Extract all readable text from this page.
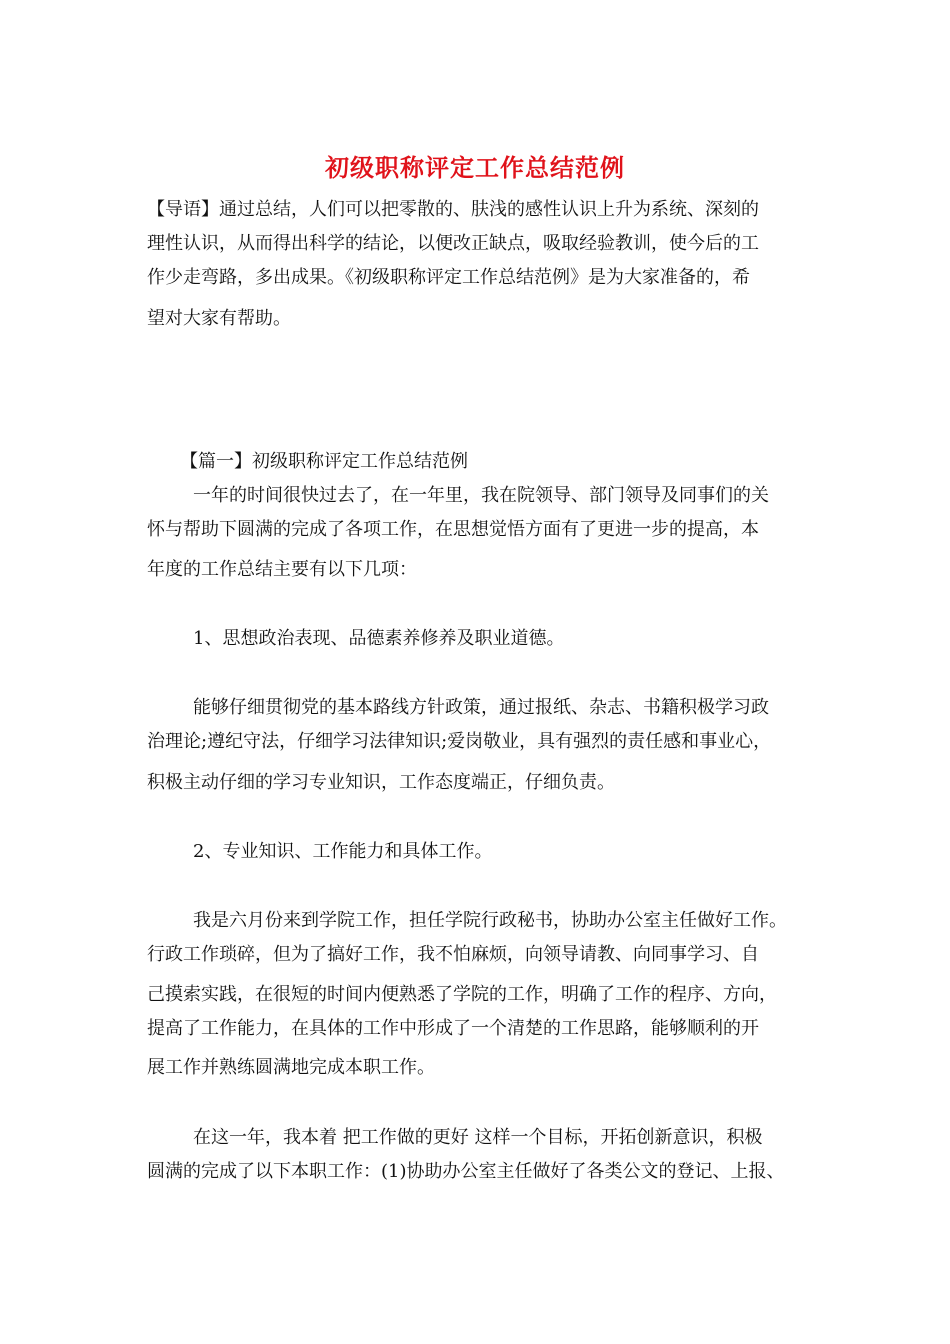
初级职称评定工作总结范例
【导语】通过总结，人们可以把零散的、肤浅的感性认识上升为系统、深刻的
理性认识，从而得出科学的结论，以便改正缺点，吸取经验教训，使今后的工
作少走弯路，多出成果。《初级职称评定工作总结范例》是为大家准备的，希
望对大家有帮助。
【篇一】初级职称评定工作总结范例
一年的时间很快过去了，在一年里，我在院领导、部门领导及同事们的关
怀与帮助下圆满的完成了各项工作，在思想觉悟方面有了更进一步的提高，本
年度的工作总结主要有以下几项：
1、思想政治表现、品德素养修养及职业道德。
能够仔细贯彻党的基本路线方针政策，通过报纸、杂志、书籍积极学习政
治理论;遵纪守法，仔细学习法律知识;爱岗敬业，具有强烈的责任感和事业心，
积极主动仔细的学习专业知识，工作态度端正，仔细负责。
2、专业知识、工作能力和具体工作。
我是六月份来到学院工作，担任学院行政秘书，协助办公室主任做好工作。
行政工作琐碎，但为了搞好工作，我不怕麻烦，向领导请教、向同事学习、自
己摸索实践，在很短的时间内便熟悉了学院的工作，明确了工作的程序、方向，
提高了工作能力，在具体的工作中形成了一个清楚的工作思路，能够顺利的开
展工作并熟练圆满地完成本职工作。
在这一年，我本着 把工作做的更好 这样一个目标，开拓创新意识，积极
圆满的完成了以下本职工作：(1)协助办公室主任做好了各类公文的登记、上报、
